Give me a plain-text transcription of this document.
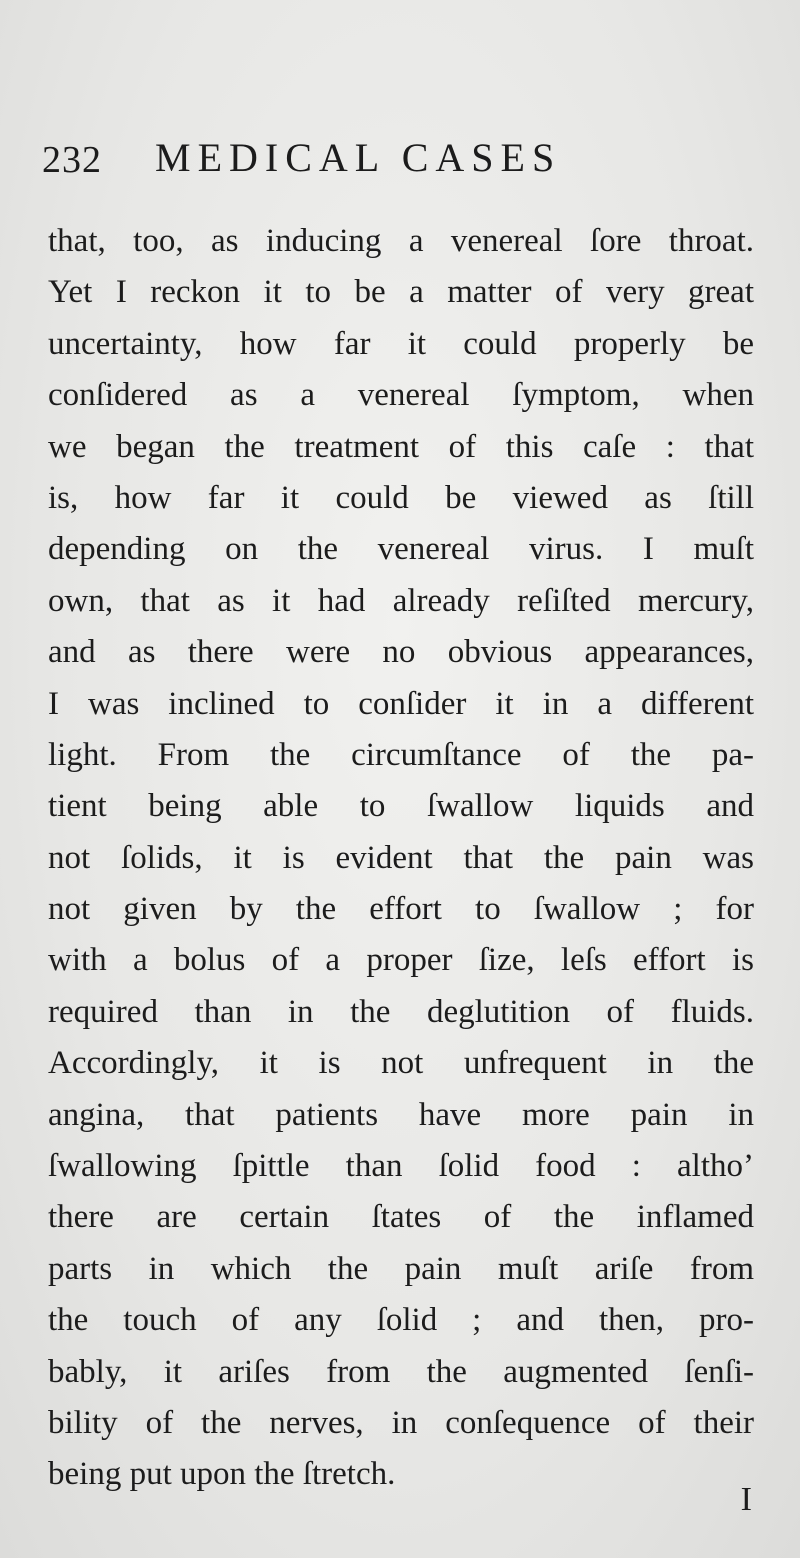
232 MEDICAL CASES
that, too, as inducing a venereal ſore throat.
Yet I reckon it to be a matter of very great
uncertainty, how far it could properly be
conſidered as a venereal ſymptom, when
we began the treatment of this caſe : that
is, how far it could be viewed as ſtill
depending on the venereal virus. I muſt
own, that as it had already reſiſted mercury,
and as there were no obvious appearances,
I was inclined to conſider it in a different
light. From the circumſtance of the pa-
tient being able to ſwallow liquids and
not ſolids, it is evident that the pain was
not given by the effort to ſwallow ; for
with a bolus of a proper ſize, leſs effort is
required than in the deglutition of fluids.
Accordingly, it is not unfrequent in the
angina, that patients have more pain in
ſwallowing ſpittle than ſolid food : altho’
there are certain ſtates of the inflamed
parts in which the pain muſt ariſe from
the touch of any ſolid ; and then, pro-
bably, it ariſes from the augmented ſenſi-
bility of the nerves, in conſequence of their
being put upon the ſtretch.
I
